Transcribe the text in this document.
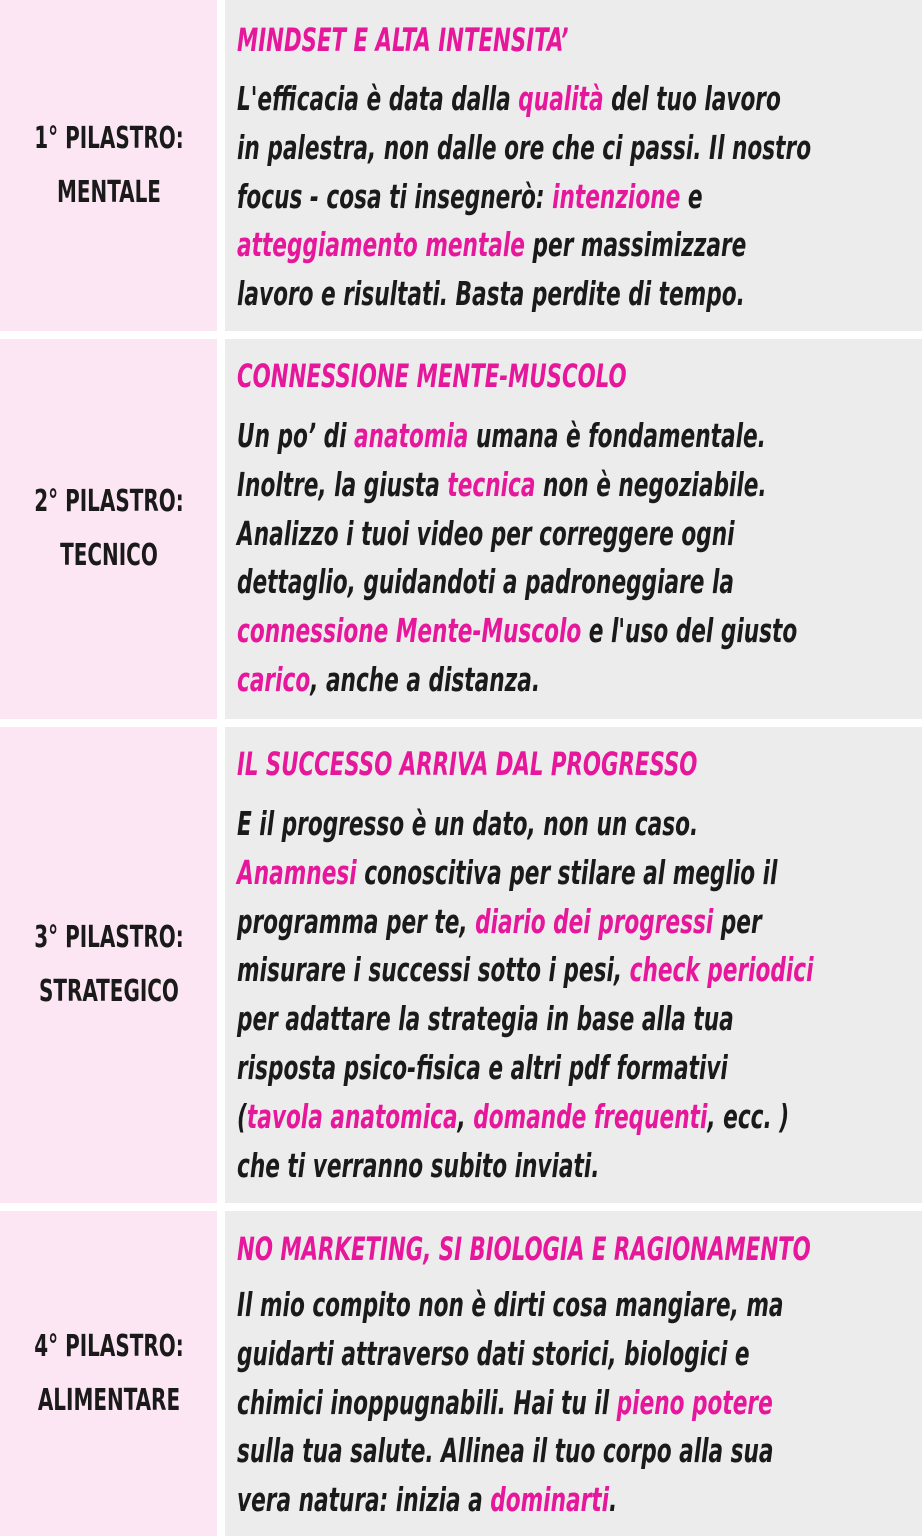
1° PILASTRO:
MENTALE
MINDSET E ALTA INTENSITA’
L'efficacia è data dalla qualità del tuo lavoro
in palestra, non dalle ore che ci passi. Il nostro
focus - cosa ti insegnerò: intenzione e
atteggiamento mentale per massimizzare
lavoro e risultati. Basta perdite di tempo.
2° PILASTRO:
TECNICO
CONNESSIONE MENTE-MUSCOLO
Un po’ di anatomia umana è fondamentale.
Inoltre, la giusta tecnica non è negoziabile.
Analizzo i tuoi video per correggere ogni
dettaglio, guidandoti a padroneggiare la
connessione Mente-Muscolo e l'uso del giusto
carico, anche a distanza.
3° PILASTRO:
STRATEGICO
IL SUCCESSO ARRIVA DAL PROGRESSO
E il progresso è un dato, non un caso.
Anamnesi conoscitiva per stilare al meglio il
programma per te, diario dei progressi per
misurare i successi sotto i pesi, check periodici
per adattare la strategia in base alla tua
risposta psico-fisica e altri pdf formativi
(tavola anatomica, domande frequenti, ecc. )
che ti verranno subito inviati.
4° PILASTRO:
ALIMENTARE
NO MARKETING, SI BIOLOGIA E RAGIONAMENTO
Il mio compito non è dirti cosa mangiare, ma
guidarti attraverso dati storici, biologici e
chimici inoppugnabili. Hai tu il pieno potere
sulla tua salute. Allinea il tuo corpo alla sua
vera natura: inizia a dominarti.
